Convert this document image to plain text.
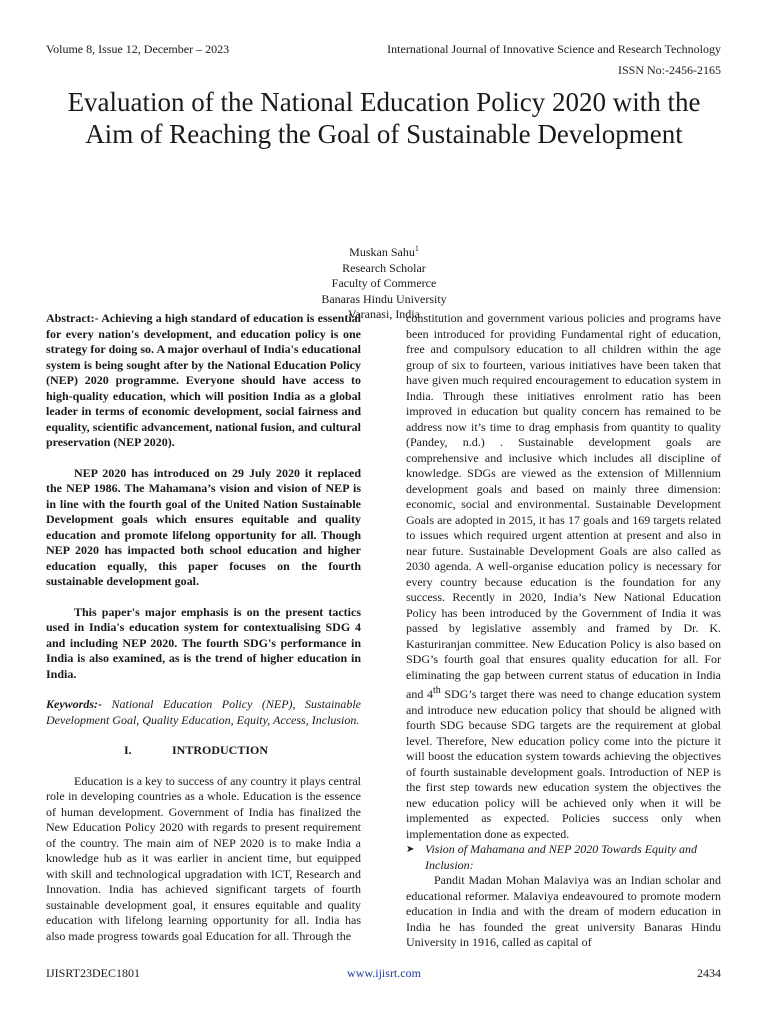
Volume 8, Issue 12, December – 2023	International Journal of Innovative Science and Research Technology
ISSN No:-2456-2165
Evaluation of the National Education Policy 2020 with the Aim of Reaching the Goal of Sustainable Development
Muskan Sahu$^1$
Research Scholar
Faculty of Commerce
Banaras Hindu University
Varanasi, India

Abstract:- Achieving a high standard of education is essential for every nation's development, and education policy is one strategy for doing so. A major overhaul of India's educational system is being sought after by the National Education Policy (NEP) 2020 programme. Everyone should have access to high-quality education, which will position India as a global leader in terms of economic development, social fairness and equality, scientific advancement, national fusion, and cultural preservation (NEP 2020).

NEP 2020 has introduced on 29 July 2020 it replaced the NEP 1986. The Mahamana’s vision and vision of NEP is in line with the fourth goal of the United Nation Sustainable Development goals which ensures equitable and quality education and promote lifelong opportunity for all. Though NEP 2020 has impacted both school education and higher education equally, this paper focuses on the fourth sustainable development goal.

This paper's major emphasis is on the present tactics used in India's education system for contextualising SDG 4 and including NEP 2020. The fourth SDG's performance in India is also examined, as is the trend of higher education in India.

Keywords:- National Education Policy (NEP), Sustainable Development Goal, Quality Education, Equity, Access, Inclusion.

I.	INTRODUCTION

Education is a key to success of any country it plays central role in developing countries as a whole. Education is the essence of human development. Government of India has finalized the New Education Policy 2020 with regards to present requirement of the country. The main aim of NEP 2020 is to make India a knowledge hub as it was earlier in ancient time, but equipped with skill and technological upgradation with ICT, Research and Innovation. India has achieved significant targets of fourth sustainable development goal, it ensures equitable and quality education with lifelong learning opportunity for all. India has also made progress towards goal Education for all. Through the

constitution and government various policies and programs have been introduced for providing Fundamental right of education, free and compulsory education to all children within the age group of six to fourteen, various initiatives have been taken that have given much required encouragement to education system in India. Through these initiatives enrolment ratio has been improved in education but quality concern has remained to be address now it’s time to drag emphasis from quantity to quality (Pandey, n.d.) . Sustainable development goals are comprehensive and inclusive which includes all discipline of knowledge. SDGs are viewed as the extension of Millennium development goals and based on mainly three dimension: economic, social and environmental. Sustainable Development Goals are adopted in 2015, it has 17 goals and 169 targets related to issues which required urgent attention at present and also in near future. Sustainable Development Goals are also called as 2030 agenda. A well-organise education policy is necessary for every country because education is the foundation for any success. Recently in 2020, India’s New National Education Policy has been introduced by the Government of India it was passed by legislative assembly and framed by Dr. K. Kasturiranjan committee. New Education Policy is also based on SDG’s fourth goal that ensures quality education for all. For eliminating the gap between current status of education in India and 4th SDG’s target there was need to change education system and introduce new education policy that should be aligned with fourth SDG because SDG targets are the requirement at global level. Therefore, New education policy come into the picture it will boost the education system towards achieving the objectives of fourth sustainable development goals. Introduction of NEP is the first step towards new education system the objectives the new education policy will be achieved only when it will be implemented as expected. Policies success only when implementation done as expected.

➤ Vision of Mahamana and NEP 2020 Towards Equity and Inclusion:

Pandit Madan Mohan Malaviya was an Indian scholar and educational reformer. Malaviya endeavoured to promote modern education in India and with the dream of modern education in India he has founded the great university Banaras Hindu University in 1916, called as capital of

IJISRT23DEC1801	www.ijisrt.com	2434
